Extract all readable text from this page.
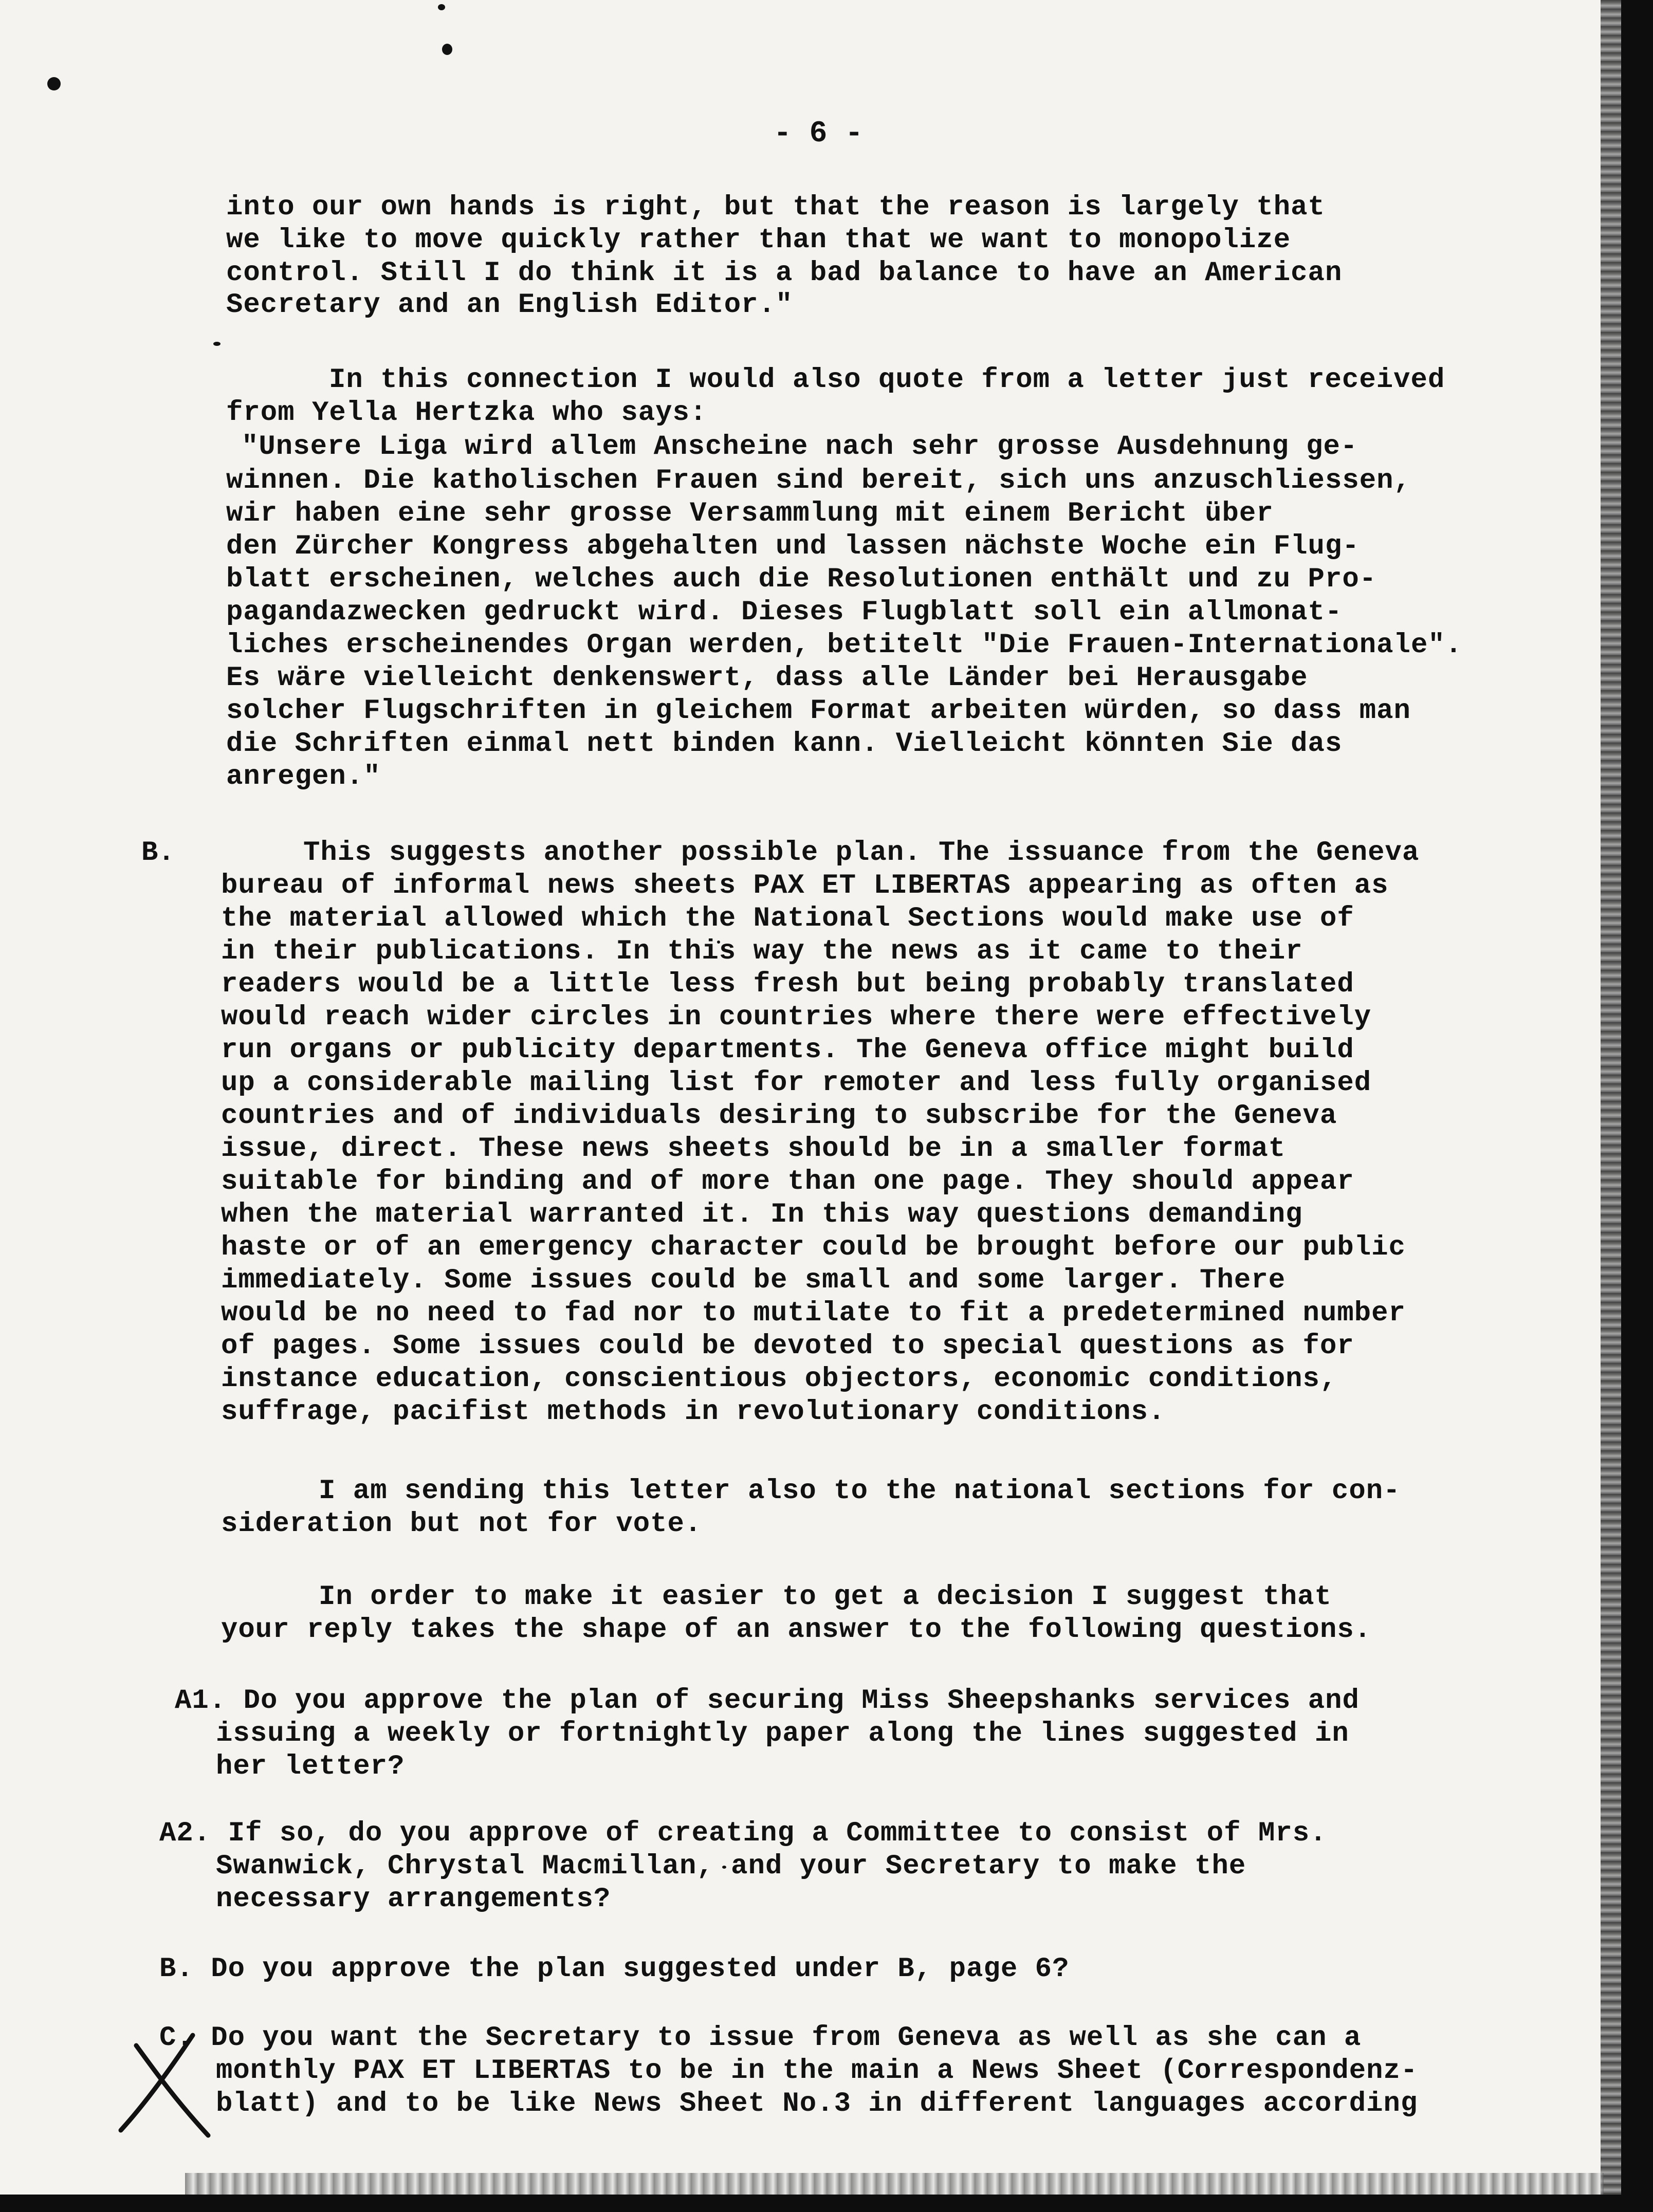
- 6 -
into our own hands is right, but that the reason is largely that
we like to move quickly rather than that we want to monopolize
control. Still I do think it is a bad balance to have an American
Secretary and an English Editor."
In this connection I would also quote from a letter just received
from Yella Hertzka who says:
"Unsere Liga wird allem Anscheine nach sehr grosse Ausdehnung ge-
winnen. Die katholischen Frauen sind bereit, sich uns anzuschliessen,
wir haben eine sehr grosse Versammlung mit einem Bericht über
den Zürcher Kongress abgehalten und lassen nächste Woche ein Flug-
blatt erscheinen, welches auch die Resolutionen enthält und zu Pro-
pagandazwecken gedruckt wird. Dieses Flugblatt soll ein allmonat-
liches erscheinendes Organ werden, betitelt "Die Frauen-Internationale".
Es wäre vielleicht denkenswert, dass alle Länder bei Herausgabe
solcher Flugschriften in gleichem Format arbeiten würden, so dass man
die Schriften einmal nett binden kann. Vielleicht könnten Sie das
anregen."
B.	This suggests another possible plan. The issuance from the Geneva
bureau of informal news sheets PAX ET LIBERTAS appearing as often as
the material allowed which the National Sections would make use of
in their publications. In this way the news as it came to their
readers would be a little less fresh but being probably translated
would reach wider circles in countries where there were effectively
run organs or publicity departments. The Geneva office might build
up a considerable mailing list for remoter and less fully organised
countries and of individuals desiring to subscribe for the Geneva
issue, direct. These news sheets should be in a smaller format
suitable for binding and of more than one page. They should appear
when the material warranted it. In this way questions demanding
haste or of an emergency character could be brought before our public
immediately. Some issues could be small and some larger. There
would be no need to fad nor to mutilate to fit a predetermined number
of pages. Some issues could be devoted to special questions as for
instance education, conscientious objectors, economic conditions,
suffrage, pacifist methods in revolutionary conditions.
I am sending this letter also to the national sections for con-
sideration but not for vote.
In order to make it easier to get a decision I suggest that
your reply takes the shape of an answer to the following questions.
A1. Do you approve the plan of securing Miss Sheepshanks services and
issuing a weekly or fortnightly paper along the lines suggested in
her letter?
A2. If so, do you approve of creating a Committee to consist of Mrs.
Swanwick, Chrystal Macmillan, and your Secretary to make the
necessary arrangements?
B. Do you approve the plan suggested under B, page 6?
C. Do you want the Secretary to issue from Geneva as well as she can a
monthly PAX ET LIBERTAS to be in the main a News Sheet (Correspondenz-
blatt) and to be like News Sheet No.3 in different languages according
